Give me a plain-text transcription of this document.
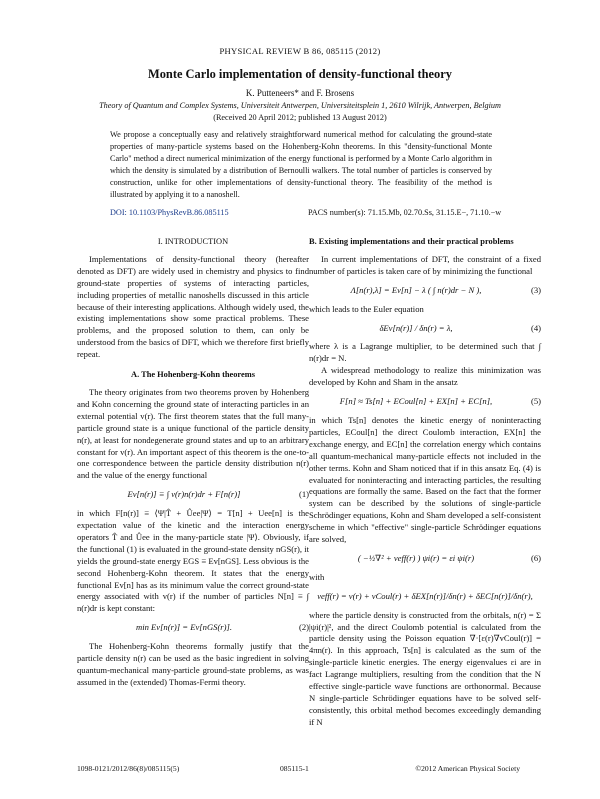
PHYSICAL REVIEW B 86, 085115 (2012)
Monte Carlo implementation of density-functional theory
K. Putteneers* and F. Brosens
Theory of Quantum and Complex Systems, Universiteit Antwerpen, Universiteitsplein 1, 2610 Wilrijk, Antwerpen, Belgium
(Received 20 April 2012; published 13 August 2012)
We propose a conceptually easy and relatively straightforward numerical method for calculating the ground-state properties of many-particle systems based on the Hohenberg-Kohn theorems. In this "density-functional Monte Carlo" method a direct numerical minimization of the energy functional is performed by a Monte Carlo algorithm in which the density is simulated by a distribution of Bernoulli walkers. The total number of particles is conserved by construction, unlike for other implementations of density-functional theory. The feasibility of the method is illustrated by applying it to a nanoshell.
DOI: 10.1103/PhysRevB.86.085115	PACS number(s): 71.15.Mb, 02.70.Ss, 31.15.E−, 71.10.−w
I. INTRODUCTION

Implementations of density-functional theory (hereafter denoted as DFT) are widely used in chemistry and physics to find ground-state properties of systems of interacting particles, including properties of metallic nanoshells discussed in this article because of their interesting applications. Although widely used, the existing implementations show some practical problems. These problems, and the proposed solution to them, can only be understood from the basics of DFT, which we therefore first briefly repeat.

A. The Hohenberg-Kohn theorems

The theory originates from two theorems proven by Hohenberg and Kohn concerning the ground state of interacting particles in an external potential v(r). The first theorem states that the full many-particle ground state is a unique functional of the particle density n(r), at least for nondegenerate ground states and up to an arbitrary constant for v(r). An important aspect of this theorem is the one-to-one correspondence between the particle density distribution n(r) and the value of the energy functional

Ev[n(r)] ≡ ∫ v(r)n(r)dr + F[n(r)]	(1)

in which F[n(r)] ≡ ⟨Ψ|T̂ + Ûee|Ψ⟩ = T[n] + Uee[n] is the expectation value of the kinetic and the interaction energy operators T̂ and Ûee in the many-particle state |Ψ⟩. Obviously, if the functional (1) is evaluated in the ground-state density nGS(r), it yields the ground-state energy EGS ≡ Ev[nGS]. Less obvious is the second Hohenberg-Kohn theorem. It states that the energy functional Ev[n] has as its minimum value the correct ground-state energy associated with v(r) if the number of particles N[n] ≡ ∫ n(r)dr is kept constant:

min Ev[n(r)] = Ev[nGS(r)].	(2)

The Hohenberg-Kohn theorems formally justify that the particle density n(r) can be used as the basic ingredient in solving quantum-mechanical many-particle ground-state problems, as was assumed in the (extended) Thomas-Fermi theory.

B. Existing implementations and their practical problems

In current implementations of DFT, the constraint of a fixed number of particles is taken care of by minimizing the functional

Λ[n(r),λ] = Ev[n] − λ ( ∫ n(r)dr − N ),	(3)

which leads to the Euler equation

δEv[n(r)] / δn(r) = λ,	(4)

where λ is a Lagrange multiplier, to be determined such that ∫ n(r)dr = N.

A widespread methodology to realize this minimization was developed by Kohn and Sham in the ansatz

F[n] ≈ Ts[n] + ECoul[n] + EX[n] + EC[n],	(5)

in which Ts[n] denotes the kinetic energy of noninteracting particles, ECoul[n] the direct Coulomb interaction, EX[n] the exchange energy, and EC[n] the correlation energy which contains all quantum-mechanical many-particle effects not included in the other terms. Kohn and Sham noticed that if in this ansatz Eq. (4) is evaluated for noninteracting and interacting particles, the resulting equations are formally the same. Based on the fact that the former system can be described by the solutions of single-particle Schrödinger equations, Kohn and Sham developed a self-consistent scheme in which "effective" single-particle Schrödinger equations are solved,

( −½∇² + veff(r) ) ψi(r) = εi ψi(r)	(6)

with

veff(r) = v(r) + vCoul(r) + δEX[n(r)]/δn(r) + δEC[n(r)]/δn(r),

where the particle density is constructed from the orbitals, n(r) = Σ |ψi(r)|², and the direct Coulomb potential is calculated from the particle density using the Poisson equation ∇·[ε(r)∇vCoul(r)] = 4πn(r). In this approach, Ts[n] is calculated as the sum of the single-particle kinetic energies. The energy eigenvalues εi are in fact Lagrange multipliers, resulting from the condition that the N effective single-particle wave functions are orthonormal. Because N single-particle Schrödinger equations have to be solved self-consistently, this orbital method becomes exceedingly demanding if N

1098-0121/2012/86(8)/085115(5)	085115-1	©2012 American Physical Society
